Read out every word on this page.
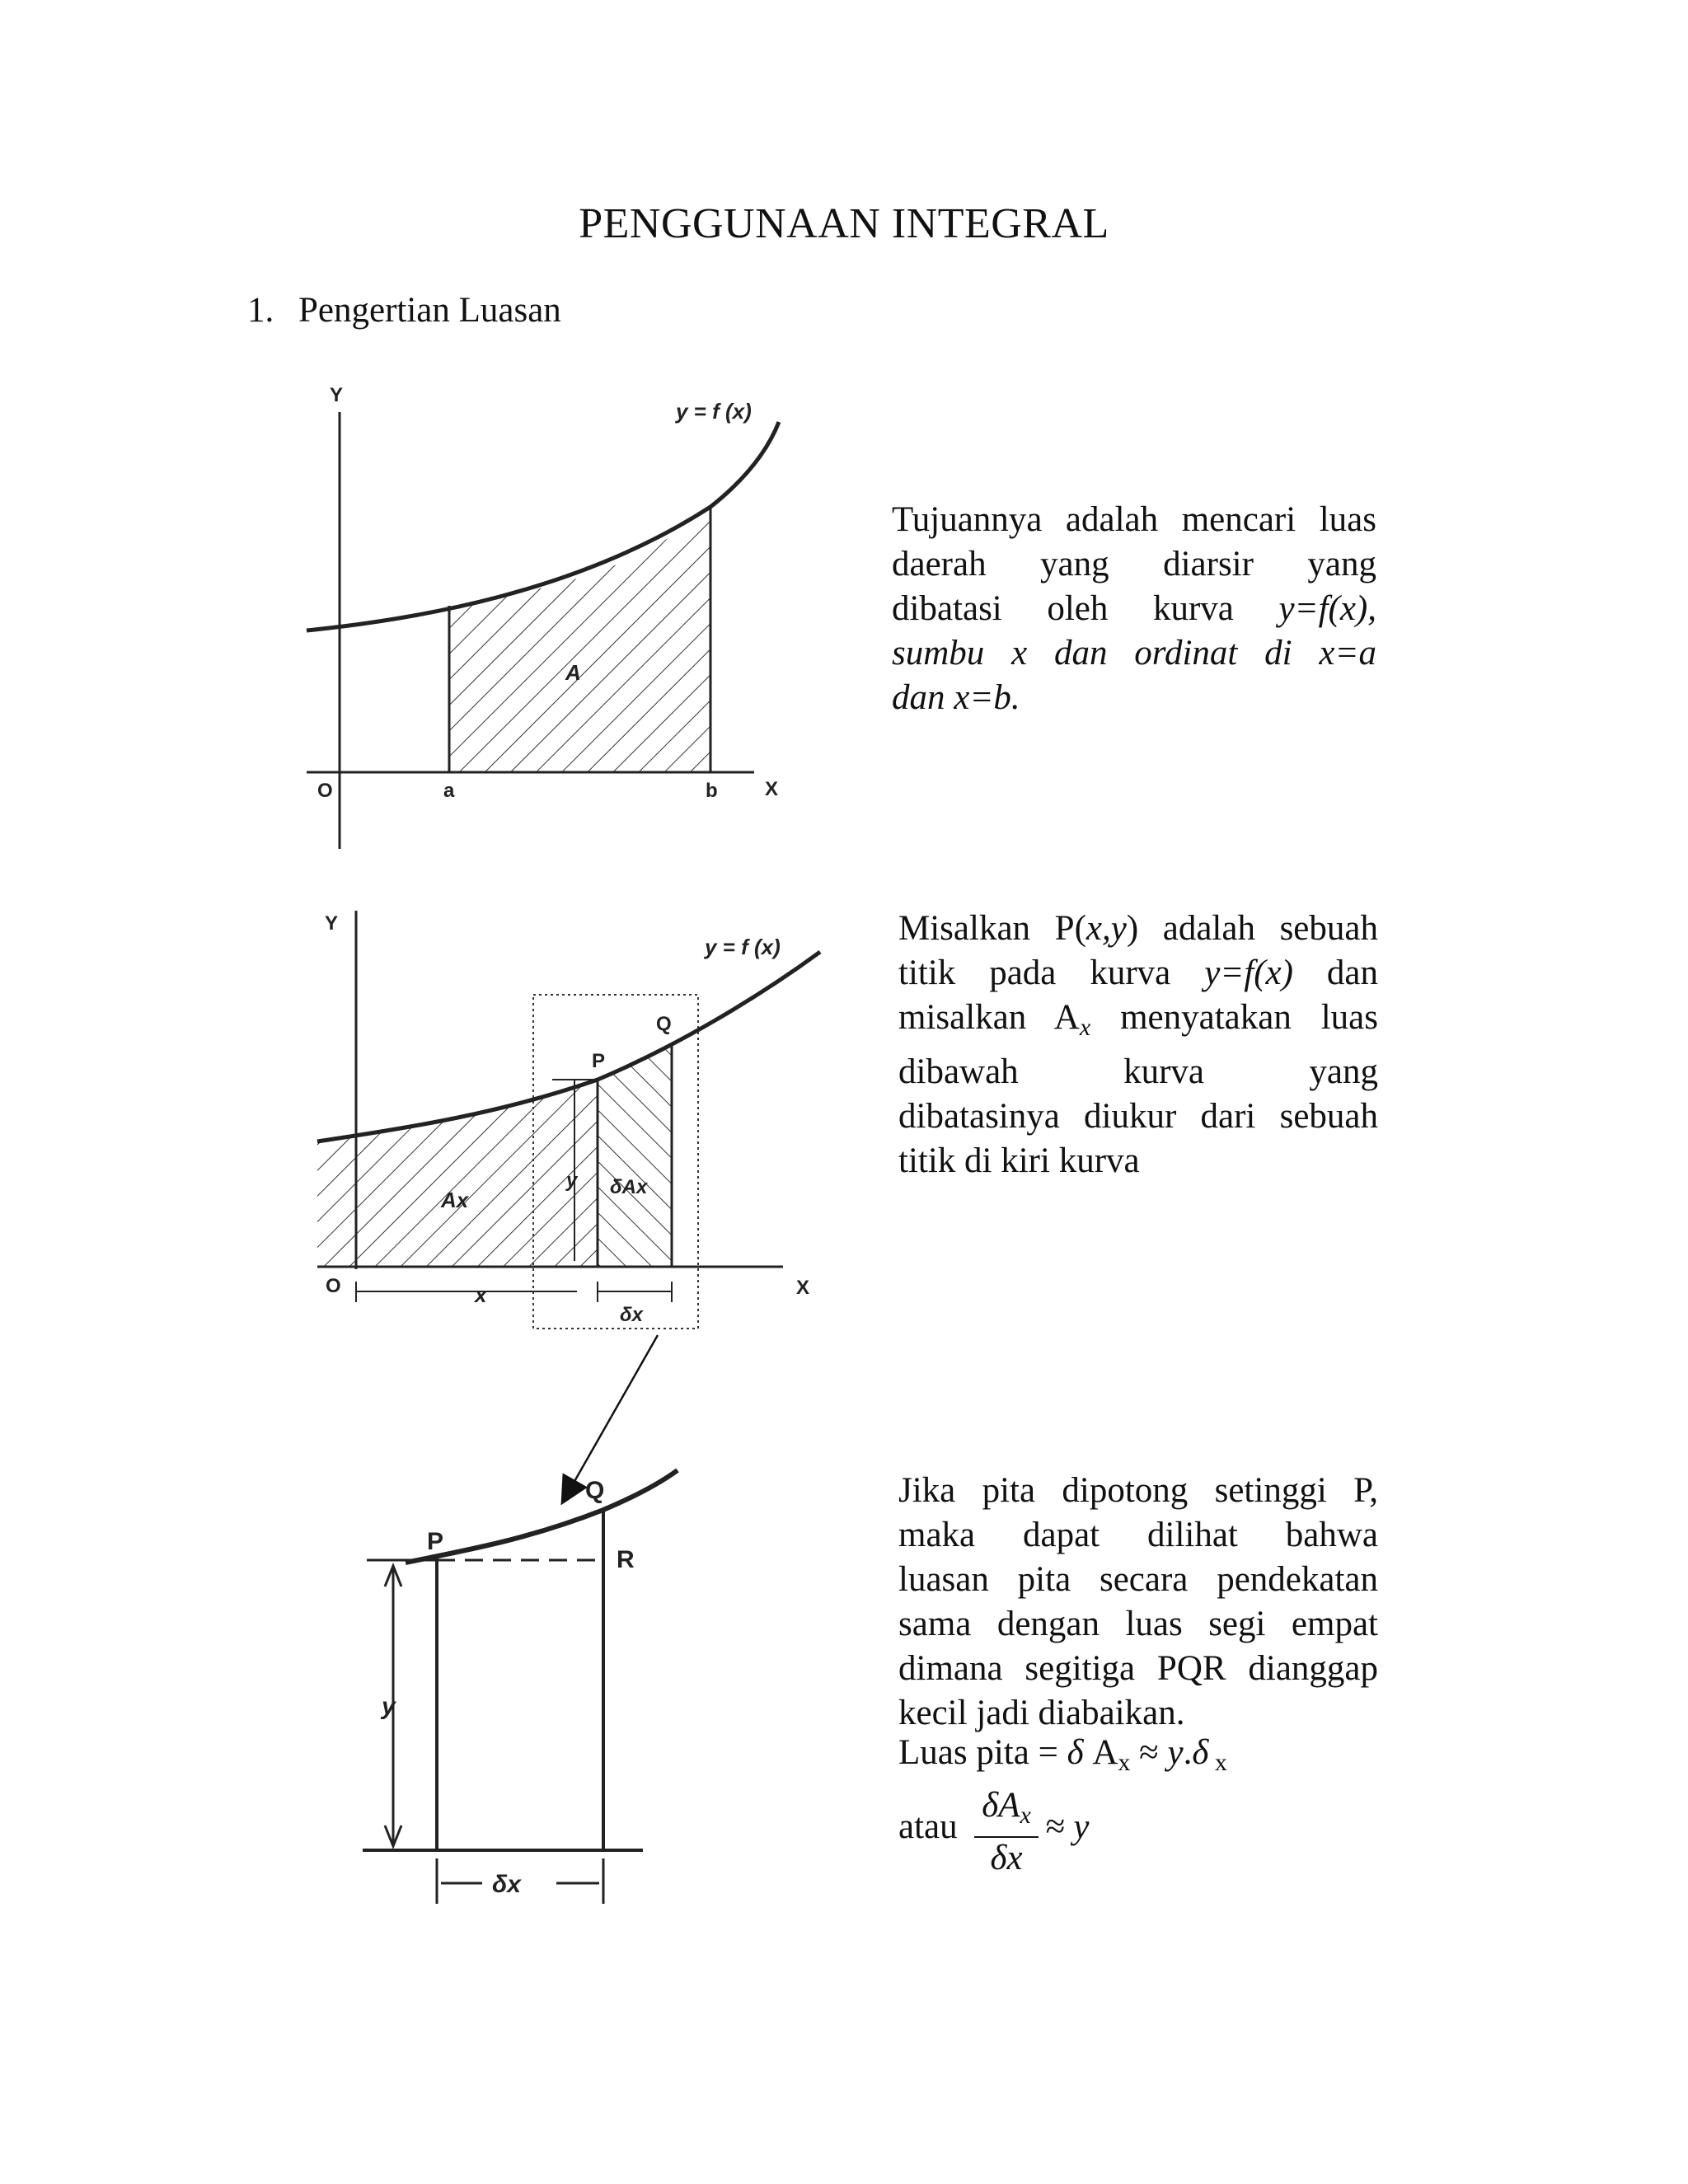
PENGGUNAAN INTEGRAL
1. Pengertian Luasan
Tujuannya adalah mencari luas
daerah yang diarsir yang
dibatasi oleh kurva y=f(x),
sumbu x dan ordinat di x=a
dan x=b.
Misalkan P(x,y) adalah sebuah
titik pada kurva y=f(x) dan
misalkan $A_x$ menyatakan luas
dibawah kurva yang
dibatasinya diukur dari sebuah
titik di kiri kurva
Jika pita dipotong setinggi P,
maka dapat dilihat bahwa
luasan pita secara pendekatan
sama dengan luas segi empat
dimana segitiga PQR dianggap
kecil jadi diabaikan.
Luas pita = δ $A_x \approx y.\delta$ $_x$
atau
$\delta A_x$
δx
≈ y
Y
X
O	a	b
A
y = f (x)
Y
X
O
P
Q
Ax
δAx
y
x
δx
y = f (x)
P
Q
R
y
δx
